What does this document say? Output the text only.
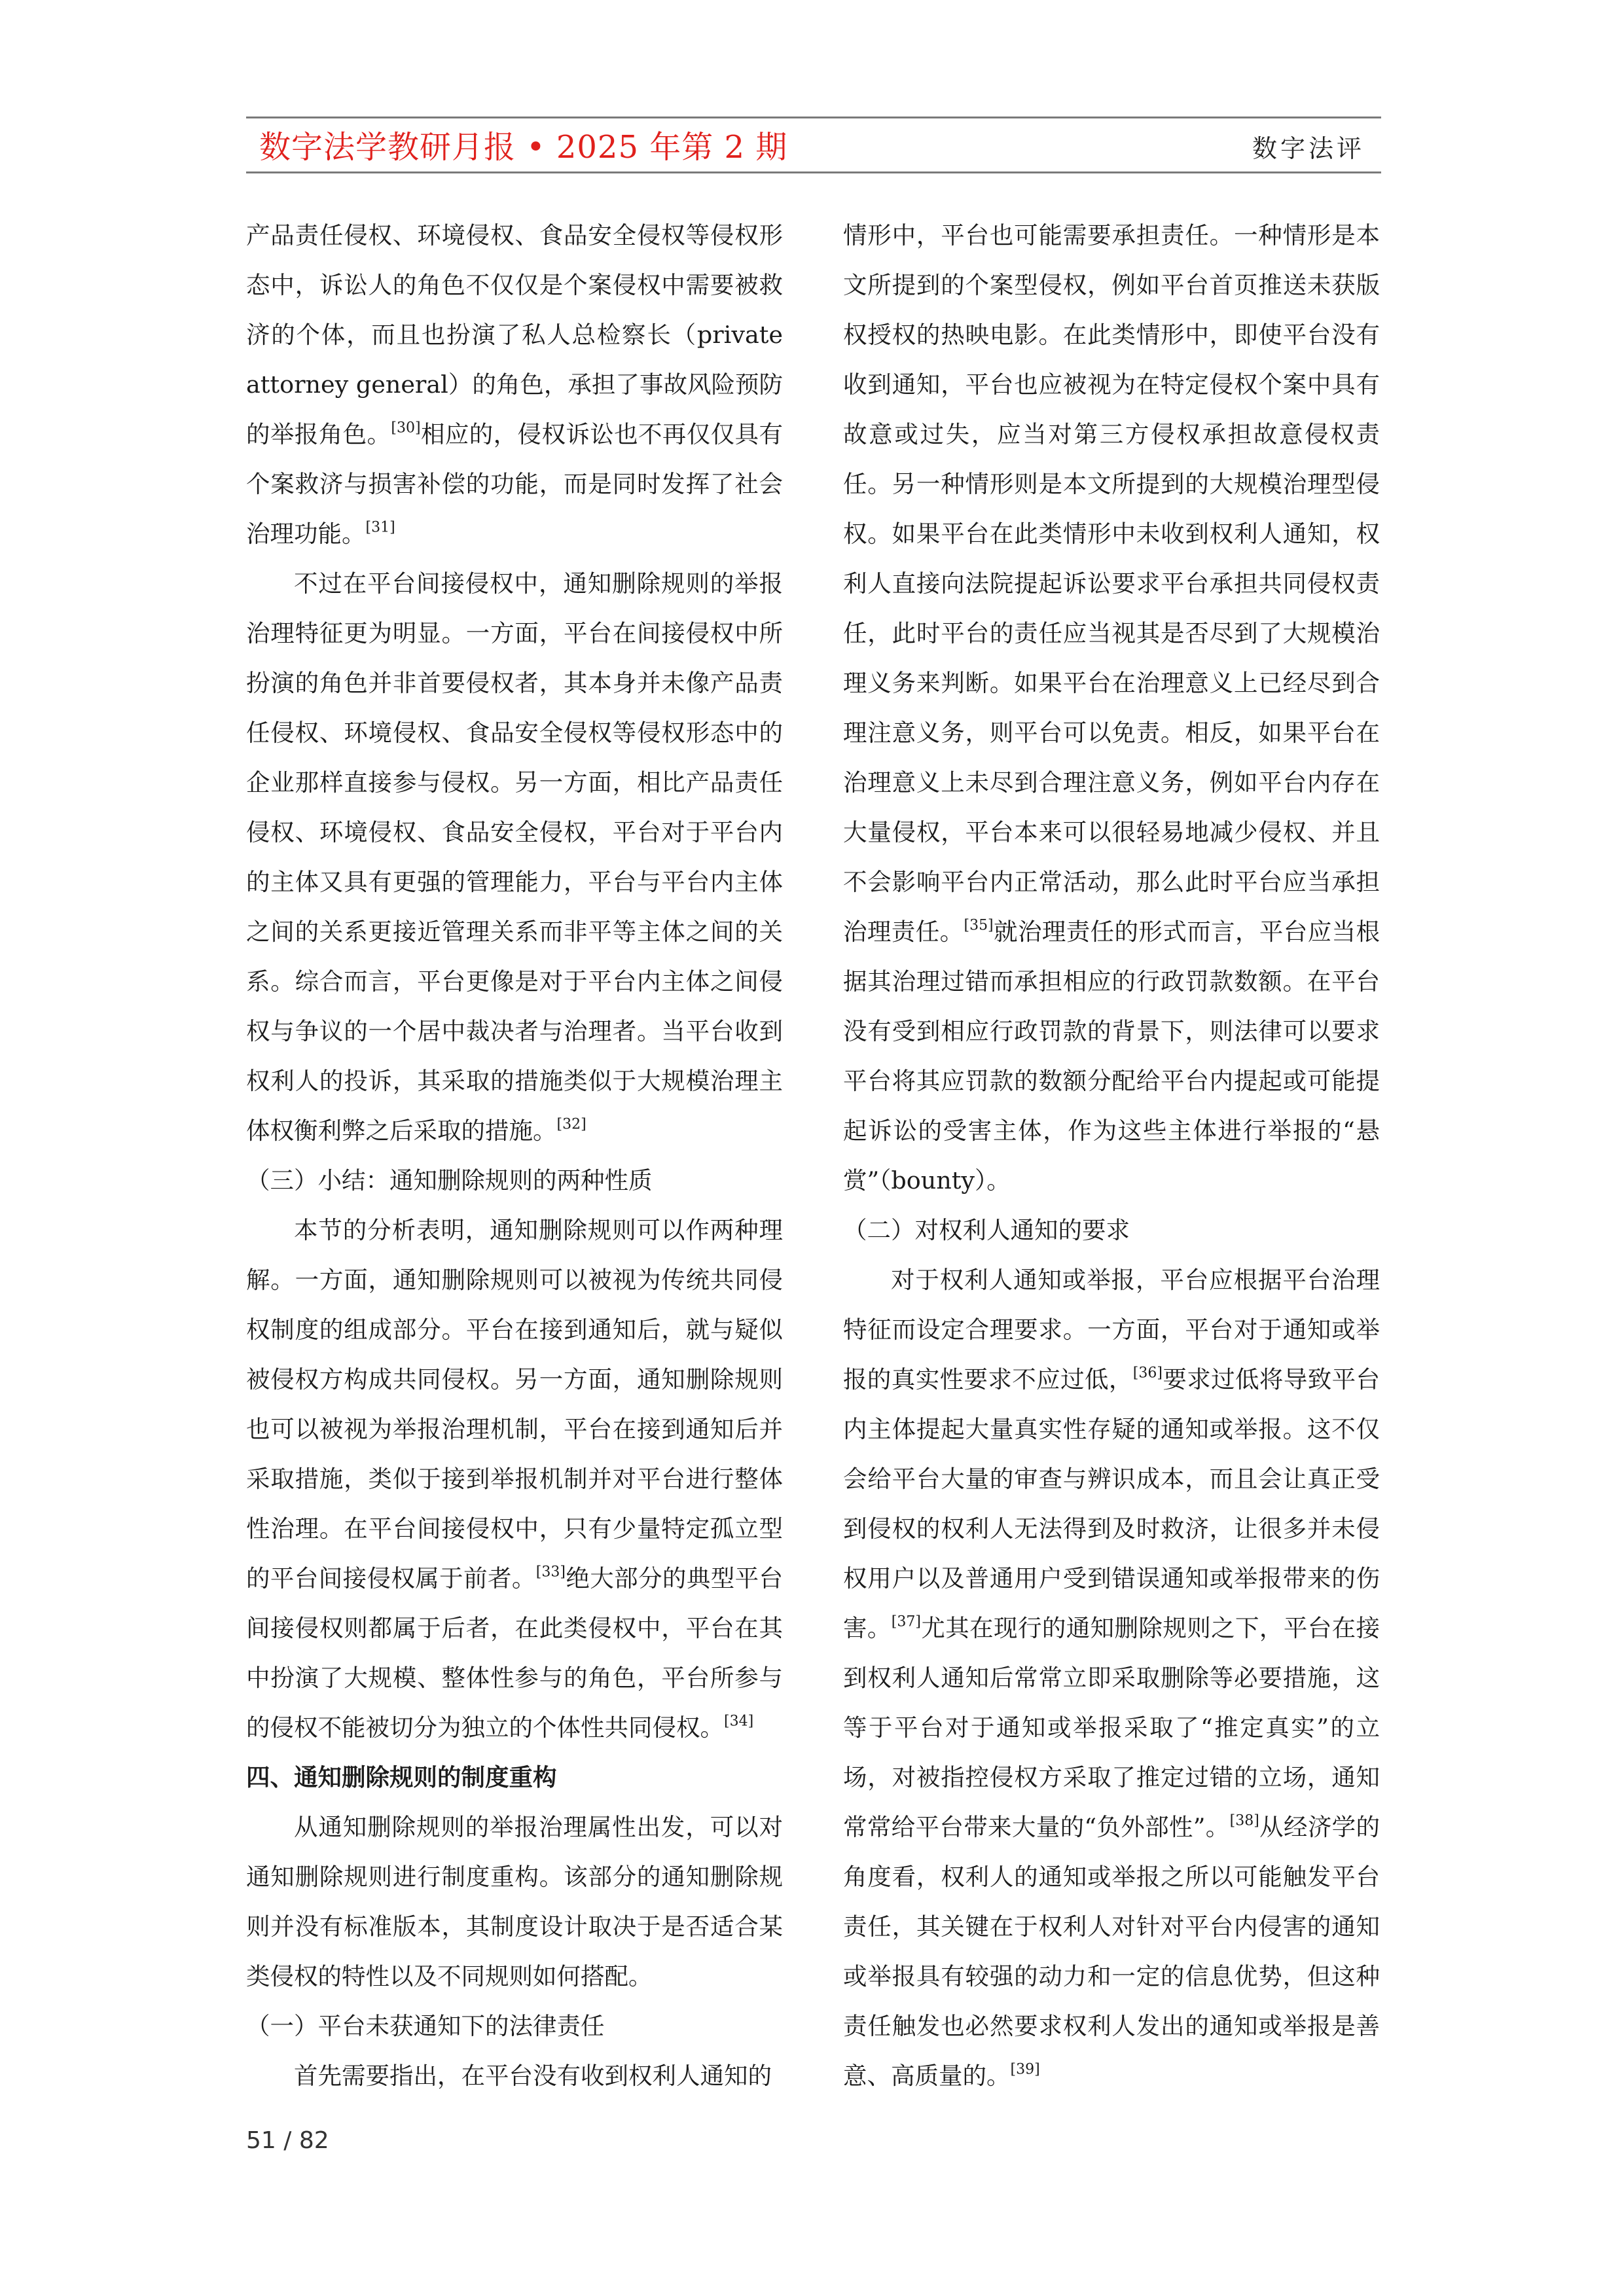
数字法学教研月报 • 2025 年第 2 期	数字法评

产品责任侵权、环境侵权、食品安全侵权等侵权形态中，诉讼人的角色不仅仅是个案侵权中需要被救济的个体，而且也扮演了私人总检察长（private attorney general）的角色，承担了事故风险预防的举报角色。[30]相应的，侵权诉讼也不再仅仅具有个案救济与损害补偿的功能，而是同时发挥了社会治理功能。[31]

不过在平台间接侵权中，通知删除规则的举报治理特征更为明显。一方面，平台在间接侵权中所扮演的角色并非首要侵权者，其本身并未像产品责任侵权、环境侵权、食品安全侵权等侵权形态中的企业那样直接参与侵权。另一方面，相比产品责任侵权、环境侵权、食品安全侵权，平台对于平台内的主体又具有更强的管理能力，平台与平台内主体之间的关系更接近管理关系而非平等主体之间的关系。综合而言，平台更像是对于平台内主体之间侵权与争议的一个居中裁决者与治理者。当平台收到权利人的投诉，其采取的措施类似于大规模治理主体权衡利弊之后采取的措施。[32]

（三）小结：通知删除规则的两种性质

本节的分析表明，通知删除规则可以作两种理解。一方面，通知删除规则可以被视为传统共同侵权制度的组成部分。平台在接到通知后，就与疑似被侵权方构成共同侵权。另一方面，通知删除规则也可以被视为举报治理机制，平台在接到通知后并采取措施，类似于接到举报机制并对平台进行整体性治理。在平台间接侵权中，只有少量特定孤立型的平台间接侵权属于前者。[33]绝大部分的典型平台间接侵权则都属于后者，在此类侵权中，平台在其中扮演了大规模、整体性参与的角色，平台所参与的侵权不能被切分为独立的个体性共同侵权。[34]

四、通知删除规则的制度重构

从通知删除规则的举报治理属性出发，可以对通知删除规则进行制度重构。该部分的通知删除规则并没有标准版本，其制度设计取决于是否适合某类侵权的特性以及不同规则如何搭配。

（一）平台未获通知下的法律责任

首先需要指出，在平台没有收到权利人通知的

情形中，平台也可能需要承担责任。一种情形是本文所提到的个案型侵权，例如平台首页推送未获版权授权的热映电影。在此类情形中，即使平台没有收到通知，平台也应被视为在特定侵权个案中具有故意或过失，应当对第三方侵权承担故意侵权责任。另一种情形则是本文所提到的大规模治理型侵权。如果平台在此类情形中未收到权利人通知，权利人直接向法院提起诉讼要求平台承担共同侵权责任，此时平台的责任应当视其是否尽到了大规模治理义务来判断。如果平台在治理意义上已经尽到合理注意义务，则平台可以免责。相反，如果平台在治理意义上未尽到合理注意义务，例如平台内存在大量侵权，平台本来可以很轻易地减少侵权、并且不会影响平台内正常活动，那么此时平台应当承担治理责任。[35]就治理责任的形式而言，平台应当根据其治理过错而承担相应的行政罚款数额。在平台没有受到相应行政罚款的背景下，则法律可以要求平台将其应罚款的数额分配给平台内提起或可能提起诉讼的受害主体，作为这些主体进行举报的“悬赏”（bounty）。

（二）对权利人通知的要求

对于权利人通知或举报，平台应根据平台治理特征而设定合理要求。一方面，平台对于通知或举报的真实性要求不应过低，[36]要求过低将导致平台内主体提起大量真实性存疑的通知或举报。这不仅会给平台大量的审查与辨识成本，而且会让真正受到侵权的权利人无法得到及时救济，让很多并未侵权用户以及普通用户受到错误通知或举报带来的伤害。[37]尤其在现行的通知删除规则之下，平台在接到权利人通知后常常立即采取删除等必要措施，这等于平台对于通知或举报采取了“推定真实”的立场，对被指控侵权方采取了推定过错的立场，通知常常给平台带来大量的“负外部性”。[38]从经济学的角度看，权利人的通知或举报之所以可能触发平台责任，其关键在于权利人对针对平台内侵害的通知或举报具有较强的动力和一定的信息优势，但这种责任触发也必然要求权利人发出的通知或举报是善意、高质量的。[39]

51 / 82
